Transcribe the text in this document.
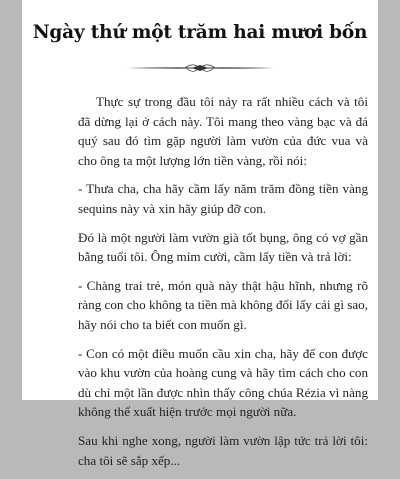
Ngày thứ một trăm hai mươi bốn

Thực sự trong đầu tôi nảy ra rất nhiều cách và tôi đã dừng lại ở cách này. Tôi mang theo vàng bạc và đá quý sau đó tìm gặp người làm vườn của đức vua và cho ông ta một lượng lớn tiền vàng, rồi nói:

- Thưa cha, cha hãy cầm lấy năm trăm đồng tiền vàng sequins này và xin hãy giúp đỡ con.

Đó là một người làm vườn già tốt bụng, ông có vợ gần bằng tuổi tôi. Ông mỉm cười, cầm lấy tiền và trả lời:

- Chàng trai trẻ, món quà này thật hậu hĩnh, nhưng rõ ràng con cho không ta tiền mà không đổi lấy cái gì sao, hãy nói cho ta biết con muốn gì.

- Con có một điều muốn cầu xin cha, hãy để con được vào khu vườn của hoàng cung và hãy tìm cách cho con dù chỉ một lần được nhìn thấy công chúa Rézia vì nàng không thể xuất hiện trước mọi người nữa.

Sau khi nghe xong, người làm vườn lập tức trả lời tôi: cha tôi sẽ sắp xếp...
